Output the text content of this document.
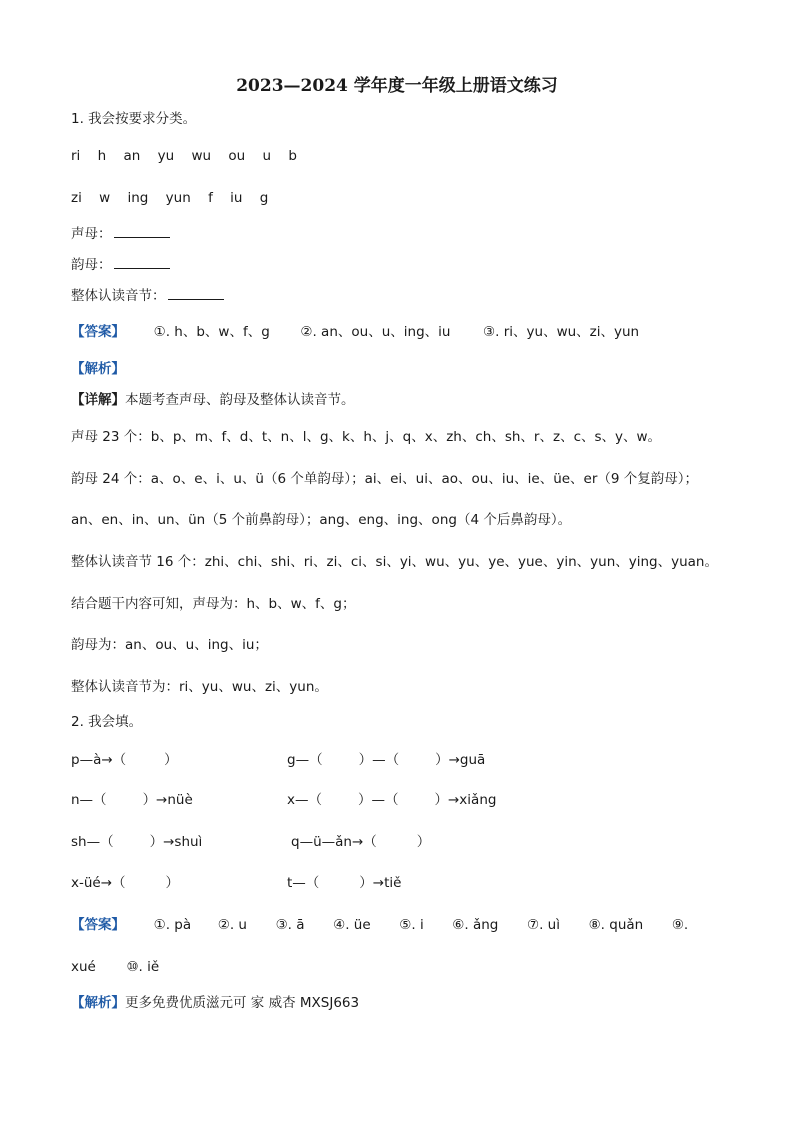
2023—2024 学年度一年级上册语文练习
1. 我会按要求分类。
ri h an yu wu ou u b
zi w ing yun f iu g
声母：
韵母：
整体认读音节：
【答案】 ①. h、b、w、f、g ②. an、ou、u、ing、iu ③. ri、yu、wu、zi、yun
【解析】
【详解】本题考查声母、韵母及整体认读音节。
声母 23 个：b、p、m、f、d、t、n、l、g、k、h、j、q、x、zh、ch、sh、r、z、c、s、y、w。
韵母 24 个：a、o、e、i、u、ü（6 个单韵母）；ai、ei、ui、ao、ou、iu、ie、üe、er（9 个复韵母）；
an、en、in、un、ün（5 个前鼻韵母）；ang、eng、ing、ong（4 个后鼻韵母）。
整体认读音节 16 个：zhi、chi、shi、ri、zi、ci、si、yi、wu、yu、ye、yue、yin、yun、ying、yuan。
结合题干内容可知，声母为：h、b、w、f、g；
韵母为：an、ou、u、ing、iu；
整体认读音节为：ri、yu、wu、zi、yun。
2. 我会填。
p—à→（	）	g—（	）—（	）→guā
n—（	）→nüè	x—（	）—（	）→xiǎng
sh—（	）→shuì	q—ü—ǎn→（	）
x-üé→（	）	t—（	）→tiě
【答案】 ①. pà ②. u ③. ā ④. üe ⑤. i ⑥. ǎng ⑦. uì ⑧. quǎn ⑨.
xué ⑩. iě
【解析】更多免费优质滋元可 家 威杏 MXSJ663
